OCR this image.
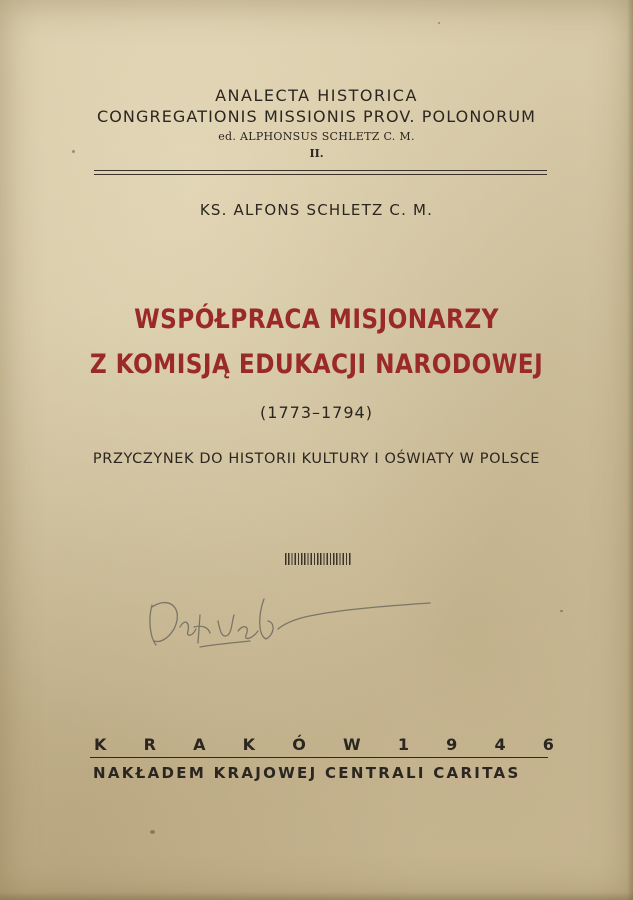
ANALECTA HISTORICA
CONGREGATIONIS MISSIONIS PROV. POLONORUM
ed. ALPHONSUS SCHLETZ C. M.
II.
KS. ALFONS SCHLETZ C. M.
WSPÓŁPRACA MISJONARZY
Z KOMISJĄ EDUKACJI NARODOWEJ
(1773–1794)
PRZYCZYNEK DO HISTORII KULTURY I OŚWIATY W POLSCE
K R A K Ó W 1 9 4 6
NAKŁADEM KRAJOWEJ CENTRALI CARITAS
